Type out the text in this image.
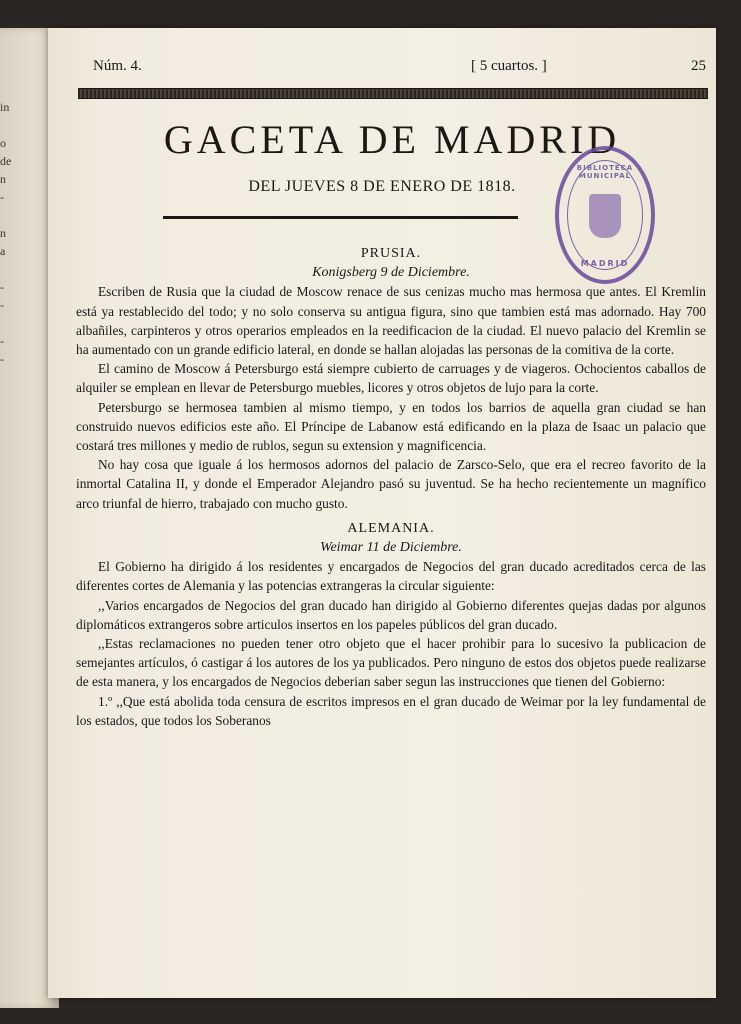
in

o
de
n
-

n
a

-
-

-
-
Núm. 4.	[ 5 cuartos. ]	25
GACETA DE MADRID
DEL JUEVES 8 DE ENERO DE 1818.
BIBLIOTECA MUNICIPAL
MADRID

PRUSIA.

Konigsberg 9 de Diciembre.

Escriben de Rusia que la ciudad de Moscow renace de sus cenizas mucho mas hermosa que antes. El Kremlin está ya restablecido del todo; y no solo conserva su antigua figura, sino que tambien está mas adornado. Hay 700 albañiles, carpinteros y otros operarios empleados en la reedificacion de la ciudad. El nuevo palacio del Kremlin se ha aumentado con un grande edificio lateral, en donde se hallan alojadas las personas de la comitiva de la corte.

El camino de Moscow á Petersburgo está siempre cubierto de carruages y de viageros. Ochocientos caballos de alquiler se emplean en llevar de Petersburgo muebles, licores y otros objetos de lujo para la corte.

Petersburgo se hermosea tambien al mismo tiempo, y en todos los barrios de aquella gran ciudad se han construido nuevos edificios este año. El Príncipe de Labanow está edificando en la plaza de Isaac un palacio que costará tres millones y medio de rublos, segun su extension y magnificencia.

No hay cosa que iguale á los hermosos adornos del palacio de Zarsco-Selo, que era el recreo favorito de la inmortal Catalina II, y donde el Emperador Alejandro pasó su juventud. Se ha hecho recientemente un magnífico arco triunfal de hierro, trabajado con mucho gusto.

ALEMANIA.

Weimar 11 de Diciembre.

El Gobierno ha dirigido á los residentes y encargados de Negocios del gran ducado acreditados cerca de las diferentes cortes de Alemania y las potencias extrangeras la circular siguiente:

,,Varios encargados de Negocios del gran ducado han dirigido al Gobierno diferentes quejas dadas por algunos diplomáticos extrangeros sobre articulos insertos en los papeles públicos del gran ducado.

,,Estas reclamaciones no pueden tener otro objeto que el hacer prohibir para lo sucesivo la publicacion de semejantes artículos, ó castigar á los autores de los ya publicados. Pero ninguno de estos dos objetos puede realizarse de esta manera, y los encargados de Negocios deberian saber segun las instrucciones que tienen del Gobierno:

1.º ,,Que está abolida toda censura de escritos impresos en el gran ducado de Weimar por la ley fundamental de los estados, que todos los Soberanos
